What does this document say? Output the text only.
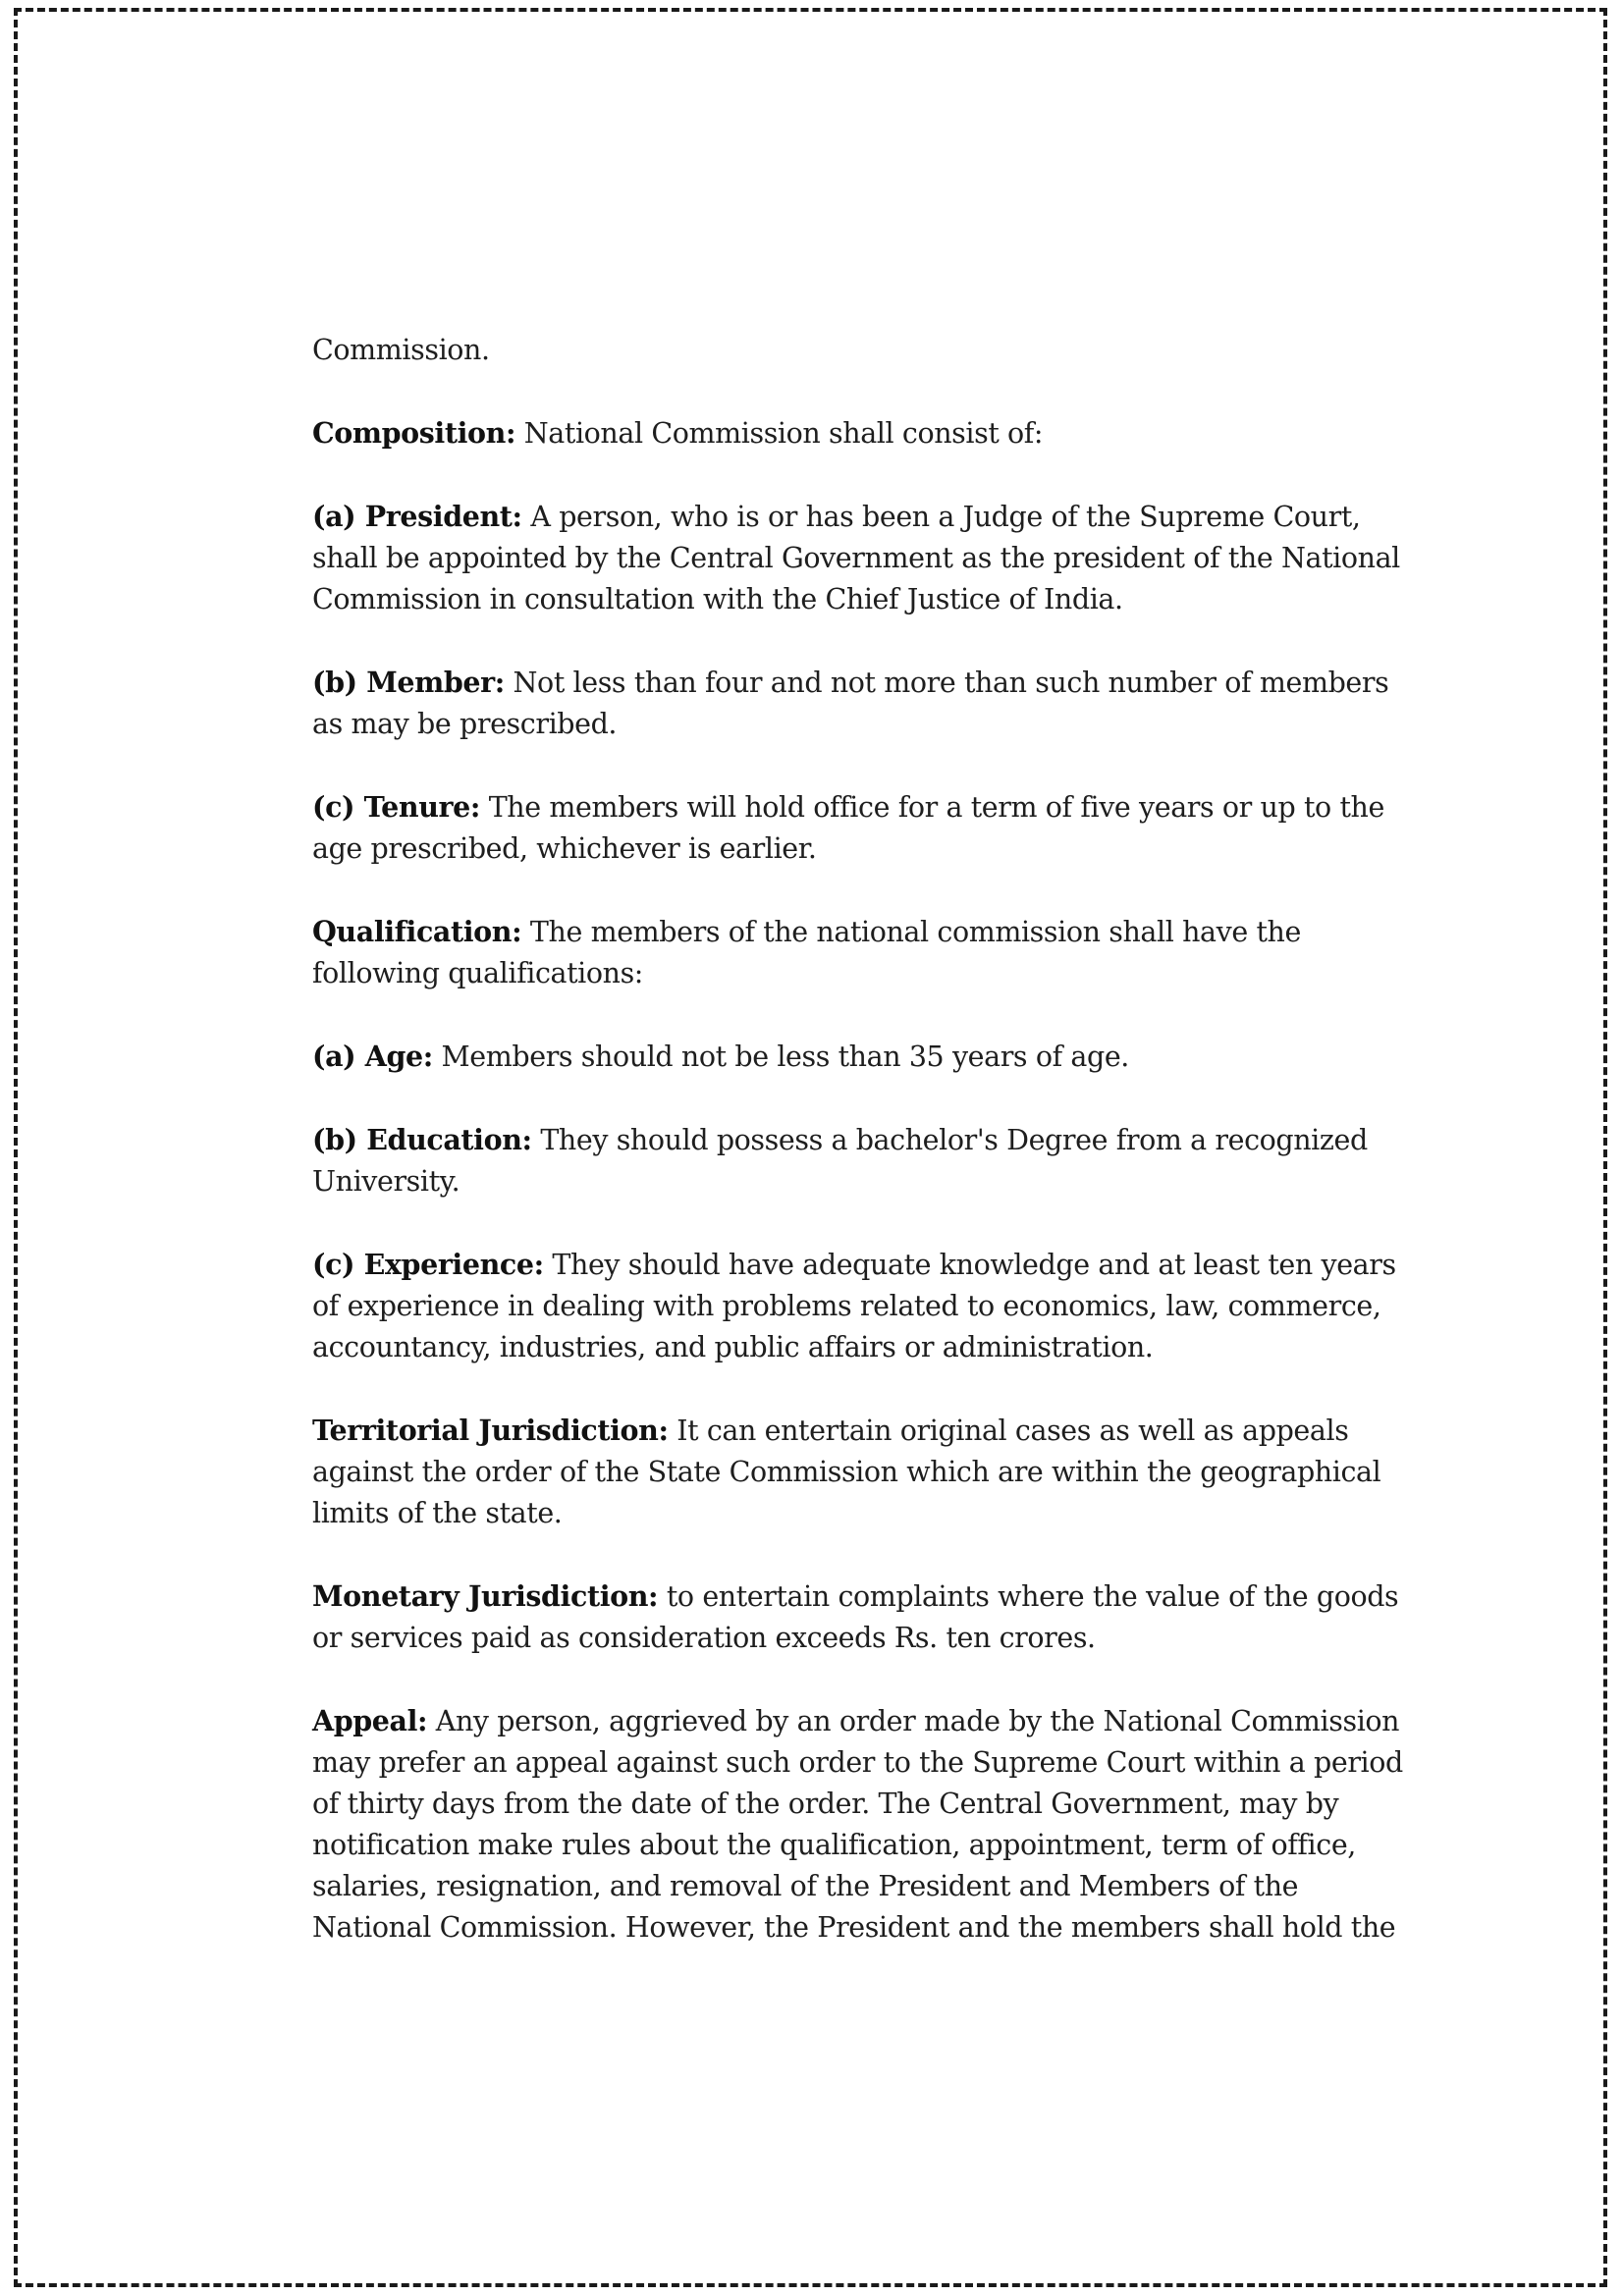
Commission.

Composition: National Commission shall consist of:

(a) President: A person, who is or has been a Judge of the Supreme Court, shall be appointed by the Central Government as the president of the National Commission in consultation with the Chief Justice of India.

(b) Member: Not less than four and not more than such number of members as may be prescribed.

(c) Tenure: The members will hold office for a term of five years or up to the age prescribed, whichever is earlier.

Qualification: The members of the national commission shall have the following qualifications:

(a) Age: Members should not be less than 35 years of age.

(b) Education: They should possess a bachelor's Degree from a recognized University.

(c) Experience: They should have adequate knowledge and at least ten years of experience in dealing with problems related to economics, law, commerce, accountancy, industries, and public affairs or administration.

Territorial Jurisdiction: It can entertain original cases as well as appeals against the order of the State Commission which are within the geographical limits of the state.

Monetary Jurisdiction: to entertain complaints where the value of the goods or services paid as consideration exceeds Rs. ten crores.

Appeal: Any person, aggrieved by an order made by the National Commission may prefer an appeal against such order to the Supreme Court within a period of thirty days from the date of the order. The Central Government, may by notification make rules about the qualification, appointment, term of office, salaries, resignation, and removal of the President and Members of the National Commission. However, the President and the members shall hold the
